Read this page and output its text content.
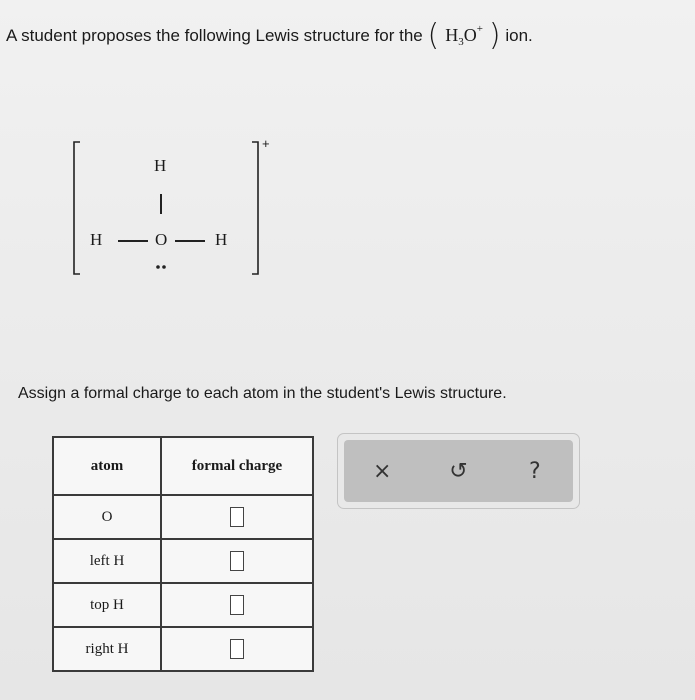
A student proposes the following Lewis structure for the ( $H_3O^+$ ) ion.
H
H	O	H
+
Assign a formal charge to each atom in the student's Lewis structure.
atom	formal charge
O	
left H	
top H	
right H	
×	↺	?
